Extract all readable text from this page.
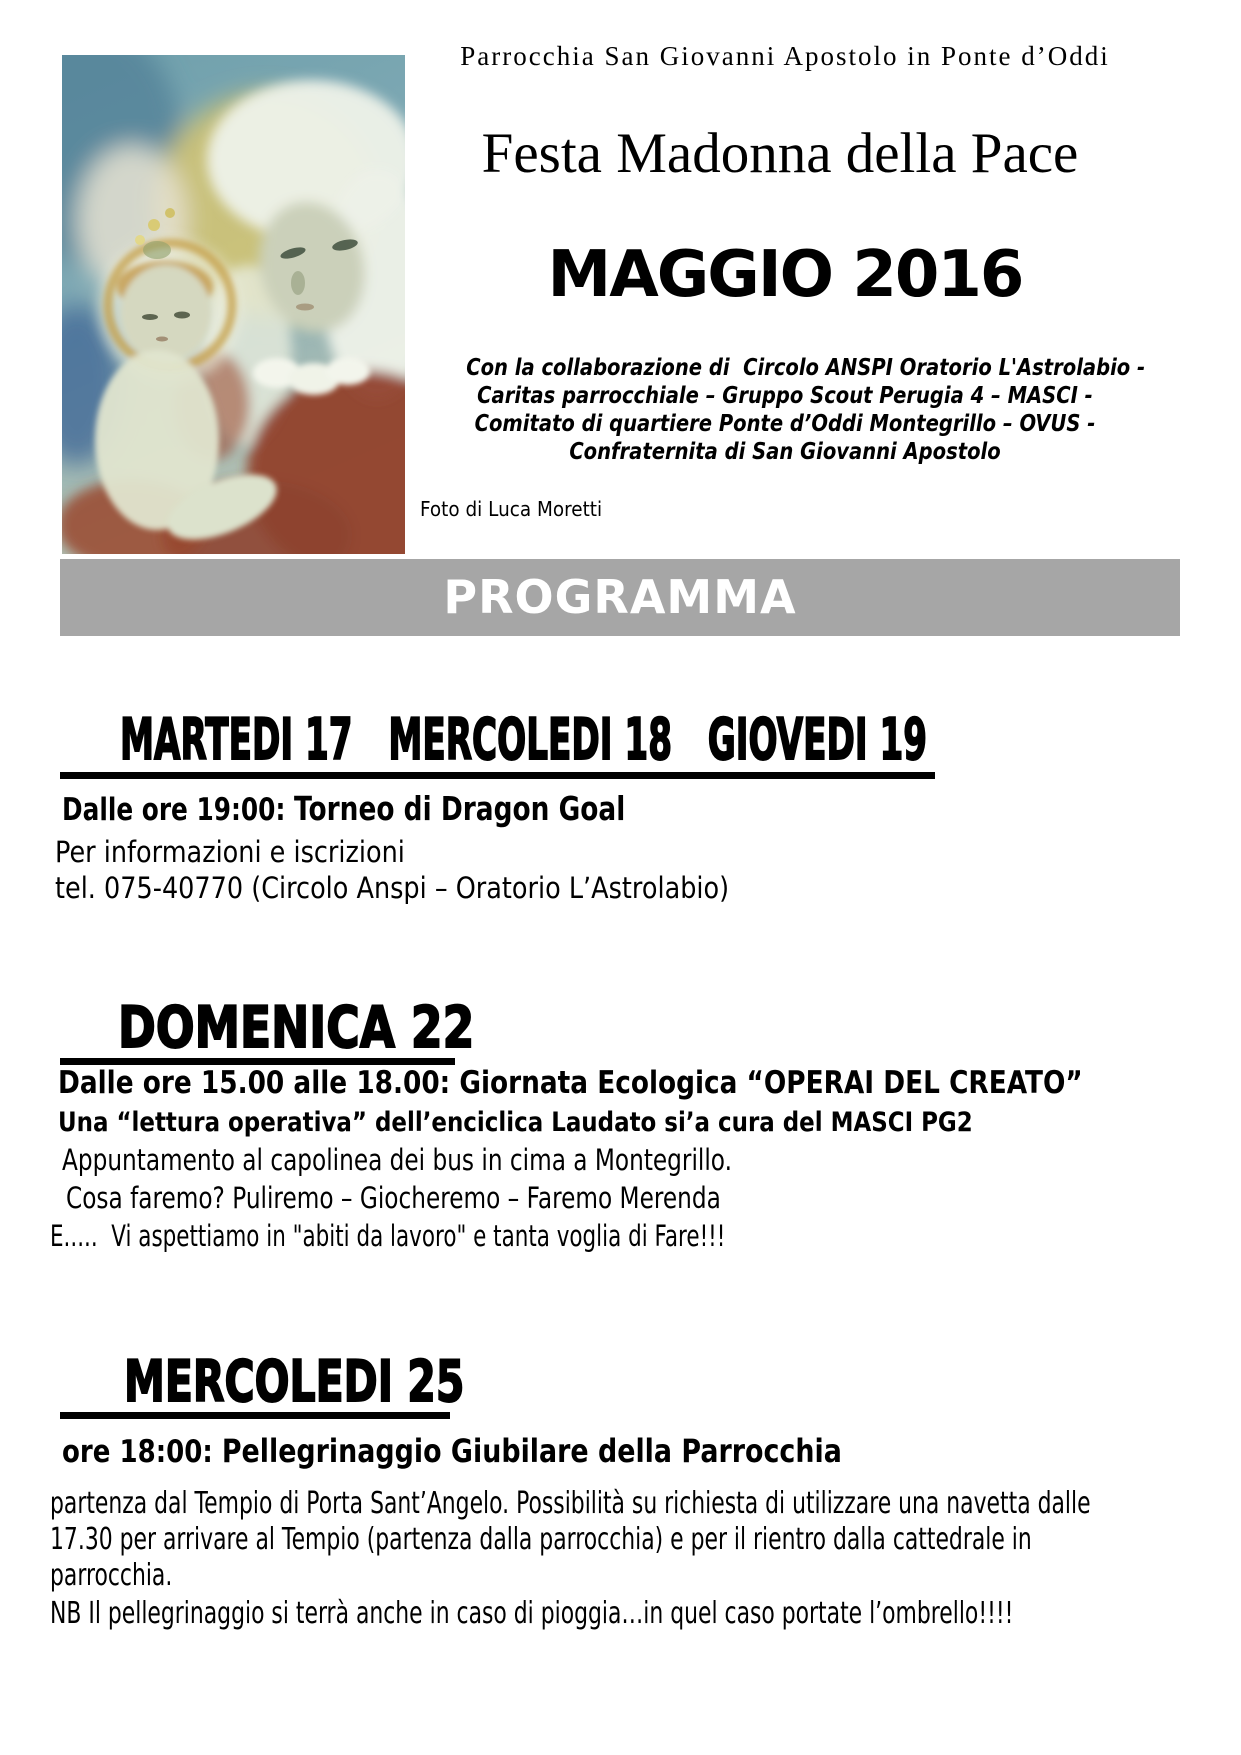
Parrocchia San Giovanni Apostolo in Ponte d’Oddi
Festa Madonna della Pace
MAGGIO 2016
Con la collaborazione di  Circolo ANSPI Oratorio L'Astrolabio -
Caritas parrocchiale – Gruppo Scout Perugia 4 – MASCI -
Comitato di quartiere Ponte d’Oddi Montegrillo – OVUS -
Confraternita di San Giovanni Apostolo
Foto di Luca Moretti
PROGRAMMA
MARTEDI 17   MERCOLEDI 18   GIOVEDI 19
Dalle ore 19:00: Torneo di Dragon Goal
Per informazioni e iscrizioni
tel. 075-40770 (Circolo Anspi – Oratorio L’Astrolabio)
DOMENICA 22
Dalle ore 15.00 alle 18.00: Giornata Ecologica “OPERAI DEL CREATO”
Una “lettura operativa” dell’enciclica Laudato si’a cura del MASCI PG2
Appuntamento al capolinea dei bus in cima a Montegrillo.
Cosa faremo? Puliremo – Giocheremo – Faremo Merenda
E.....  Vi aspettiamo in "abiti da lavoro" e tanta voglia di Fare!!!
MERCOLEDI 25
ore 18:00: Pellegrinaggio Giubilare della Parrocchia
partenza dal Tempio di Porta Sant’Angelo. Possibilità su richiesta di utilizzare una navetta dalle
17.30 per arrivare al Tempio (partenza dalla parrocchia) e per il rientro dalla cattedrale in
parrocchia.
NB Il pellegrinaggio si terrà anche in caso di pioggia…in quel caso portate l’ombrello!!!!
